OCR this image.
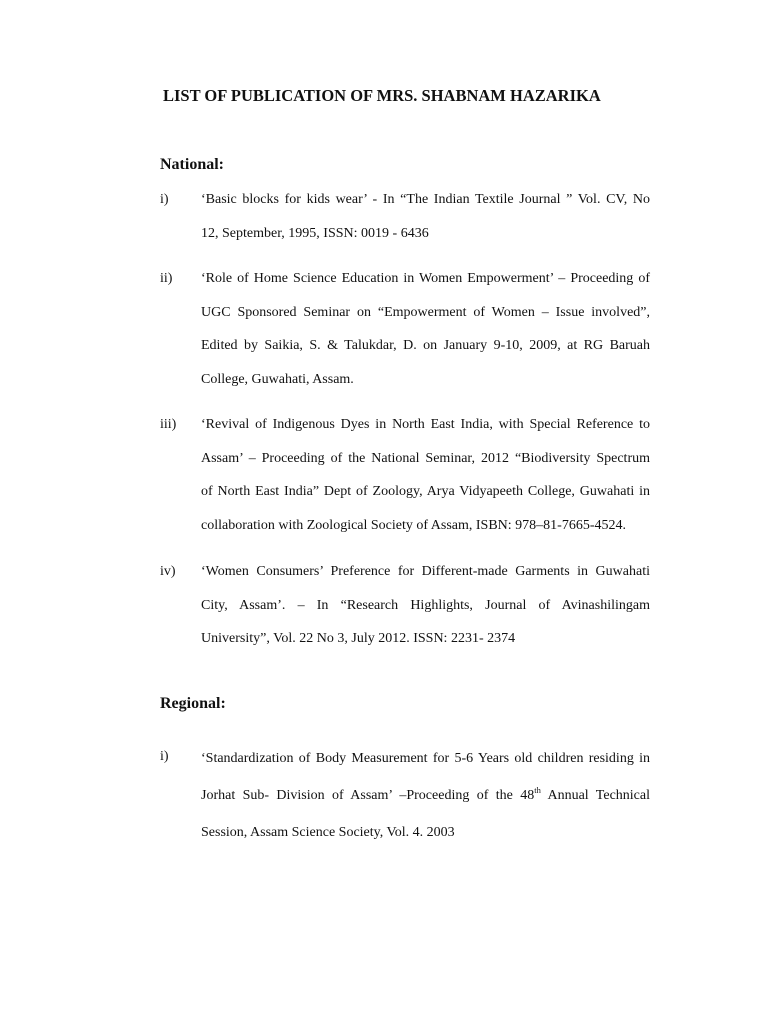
LIST OF PUBLICATION OF MRS. SHABNAM HAZARIKA
National:
i) ‘Basic blocks for kids wear’ - In “The Indian Textile Journal ” Vol. CV, No
12, September, 1995, ISSN: 0019 - 6436
ii) ‘Role of Home Science Education in Women Empowerment’ – Proceeding of
UGC Sponsored Seminar on “Empowerment of Women – Issue involved”,
Edited by Saikia, S. & Talukdar, D. on January 9-10, 2009, at RG Baruah
College, Guwahati, Assam.
iii) ‘Revival of Indigenous Dyes in North East India, with Special Reference to
Assam’ – Proceeding of the National Seminar, 2012 “Biodiversity Spectrum
of North East India” Dept of Zoology, Arya Vidyapeeth College, Guwahati in
collaboration with Zoological Society of Assam, ISBN: 978–81-7665-4524.
iv) ‘Women Consumers’ Preference for Different-made Garments in Guwahati
City, Assam’. – In “Research Highlights, Journal of Avinashilingam
University”, Vol. 22 No 3, July 2012. ISSN: 2231- 2374
Regional:
i) ‘Standardization of Body Measurement for 5-6 Years old children residing in
Jorhat Sub- Division of Assam’ –Proceeding of the 48th Annual Technical
Session, Assam Science Society, Vol. 4. 2003
